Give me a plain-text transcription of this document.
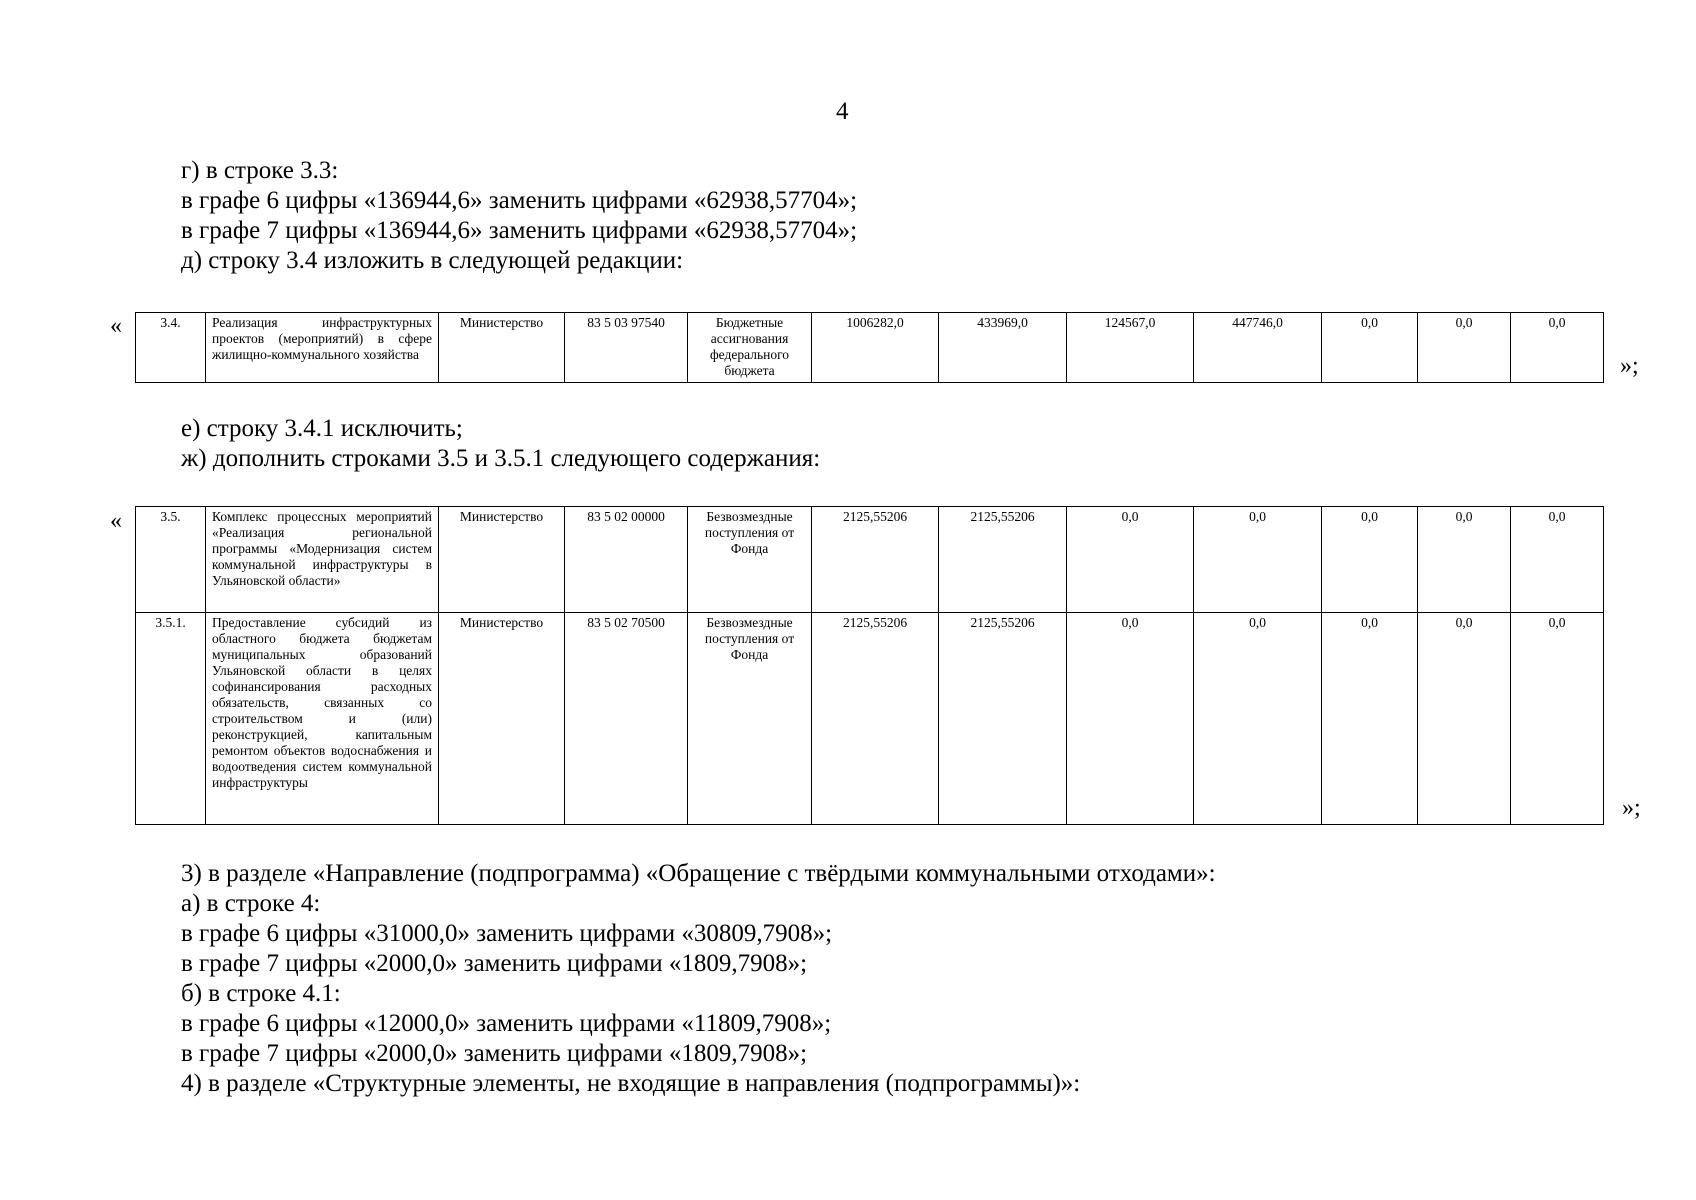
4
г) в строке 3.3:
в графе 6 цифры «136944,6» заменить цифрами «62938,57704»;
в графе 7 цифры «136944,6» заменить цифрами «62938,57704»;
д) строку 3.4 изложить в следующей редакции:
«	3.4.	Реализация инфраструктурных проектов (мероприятий) в сфере жилищно-коммунального хозяйства	Министерство	83 5 03 97540	Бюджетные ассигнования федерального бюджета	1006282,0	433969,0	124567,0	447746,0	0,0	0,0	0,0
»;
е) строку 3.4.1 исключить;
ж) дополнить строками 3.5 и 3.5.1 следующего содержания:
«	3.5.	Комплекс процессных мероприятий «Реализация региональной программы «Модернизация систем коммунальной инфраструктуры в Ульяновской области»	Министерство	83 5 02 00000	Безвозмездные поступления от Фонда	2125,55206	2125,55206	0,0	0,0	0,0	0,0	0,0
3.5.1.	Предоставление субсидий из областного бюджета бюджетам муниципальных образований Ульяновской области в целях софинансирования расходных обязательств, связанных со строительством и (или) реконструкцией, капитальным ремонтом объектов водоснабжения и водоотведения систем коммунальной инфраструктуры	Министерство	83 5 02 70500	Безвозмездные поступления от Фонда	2125,55206	2125,55206	0,0	0,0	0,0	0,0	0,0
»;
3) в разделе «Направление (подпрограмма) «Обращение с твёрдыми коммунальными отходами»:
а) в строке 4:
в графе 6 цифры «31000,0» заменить цифрами «30809,7908»;
в графе 7 цифры «2000,0» заменить цифрами «1809,7908»;
б) в строке 4.1:
в графе 6 цифры «12000,0» заменить цифрами «11809,7908»;
в графе 7 цифры «2000,0» заменить цифрами «1809,7908»;
4) в разделе «Структурные элементы, не входящие в направления (подпрограммы)»:
